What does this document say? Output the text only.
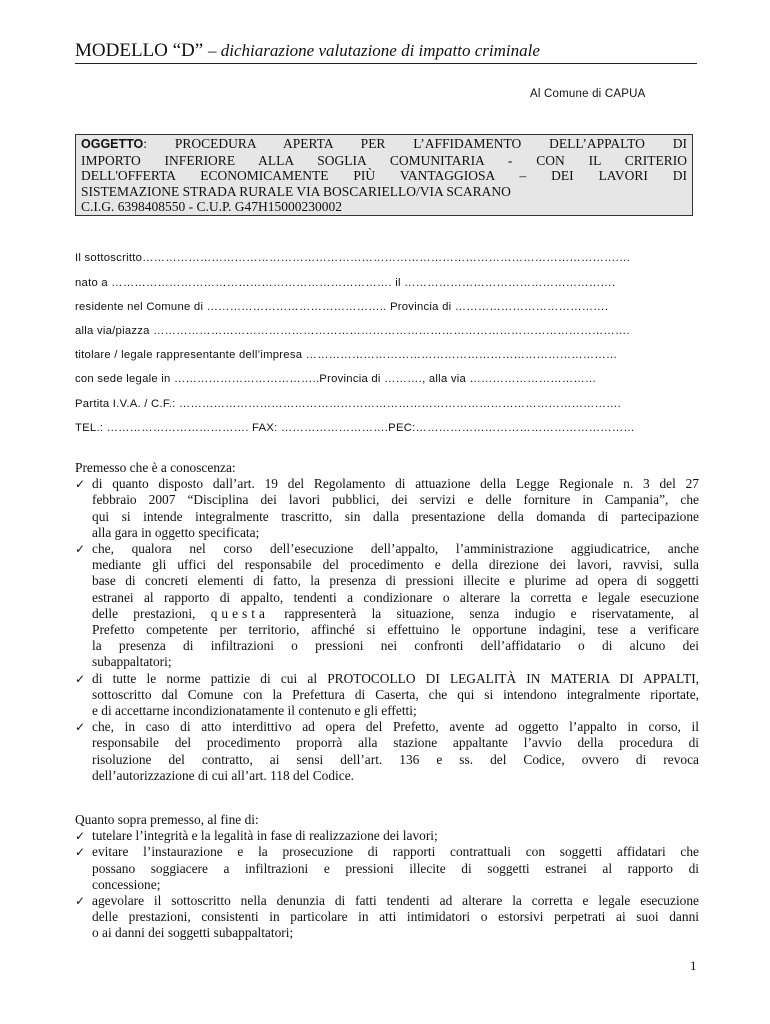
MODELLO “D” – dichiarazione valutazione di impatto criminale
Al Comune di CAPUA
OGGETTO: PROCEDURA APERTA PER L’AFFIDAMENTO DELL’APPALTO DI
IMPORTO INFERIORE ALLA SOGLIA COMUNITARIA - CON IL CRITERIO
DELL'OFFERTA ECONOMICAMENTE PIÙ VANTAGGIOSA – DEI LAVORI DI
SISTEMAZIONE STRADA RURALE VIA BOSCARIELLO/VIA SCARANO
C.I.G. 6398408550 - C.U.P. G47H15000230002
Il sottoscritto…………………………………………………………………………………………………………….…
nato a ………………………………………………………………. il ……………………………………………….
residente nel Comune di ……………………………………….. Provincia di ………………………………….
alla via/piazza …………………………………………………………………………………………………………….
titolare / legale rappresentante dell’impresa ………………………………………………………………………
con sede legale in ………………………………..Provincia di ………., alla via ……………………………
Partita I.V.A. / C.F.: …………………………………………………………………………………………………….
TEL.: ………………………………. FAX: ……………………….PEC:…………………………………………………
Premesso che è a conoscenza:
✓ di quanto disposto dall’art. 19 del Regolamento di attuazione della Legge Regionale n. 3 del 27
febbraio 2007 “Disciplina dei lavori pubblici, dei servizi e delle forniture in Campania”, che
qui si intende integralmente trascritto, sin dalla presentazione della domanda di partecipazione
alla gara in oggetto specificata;
✓ che, qualora nel corso dell’esecuzione dell’appalto, l’amministrazione aggiudicatrice, anche
mediante gli uffici del responsabile del procedimento e della direzione dei lavori, ravvisi, sulla
base di concreti elementi di fatto, la presenza di pressioni illecite e plurime ad opera di soggetti
estranei al rapporto di appalto, tendenti a condizionare o alterare la corretta e legale esecuzione
delle prestazioni, questa rappresenterà la situazione, senza indugio e riservatamente, al
Prefetto competente per territorio, affinché si effettuino le opportune indagini, tese a verificare
la presenza di infiltrazioni o pressioni nei confronti dell’affidatario o di alcuno dei
subappaltatori;
✓ di tutte le norme pattizie di cui al PROTOCOLLO DI LEGALITÀ IN MATERIA DI APPALTI,
sottoscritto dal Comune con la Prefettura di Caserta, che qui si intendono integralmente riportate,
e di accettarne incondizionatamente il contenuto e gli effetti;
✓ che, in caso di atto interdittivo ad opera del Prefetto, avente ad oggetto l’appalto in corso, il
responsabile del procedimento proporrà alla stazione appaltante l’avvio della procedura di
risoluzione del contratto, ai sensi dell’art. 136 e ss. del Codice, ovvero di revoca
dell’autorizzazione di cui all’art. 118 del Codice.
Quanto sopra premesso, al fine di:
✓ tutelare l’integrità e la legalità in fase di realizzazione dei lavori;
✓ evitare l’instaurazione e la prosecuzione di rapporti contrattuali con soggetti affidatari che
possano soggiacere a infiltrazioni e pressioni illecite di soggetti estranei al rapporto di
concessione;
✓ agevolare il sottoscritto nella denunzia di fatti tendenti ad alterare la corretta e legale esecuzione
delle prestazioni, consistenti in particolare in atti intimidatori o estorsivi perpetrati ai suoi danni
o ai danni dei soggetti subappaltatori;
1
